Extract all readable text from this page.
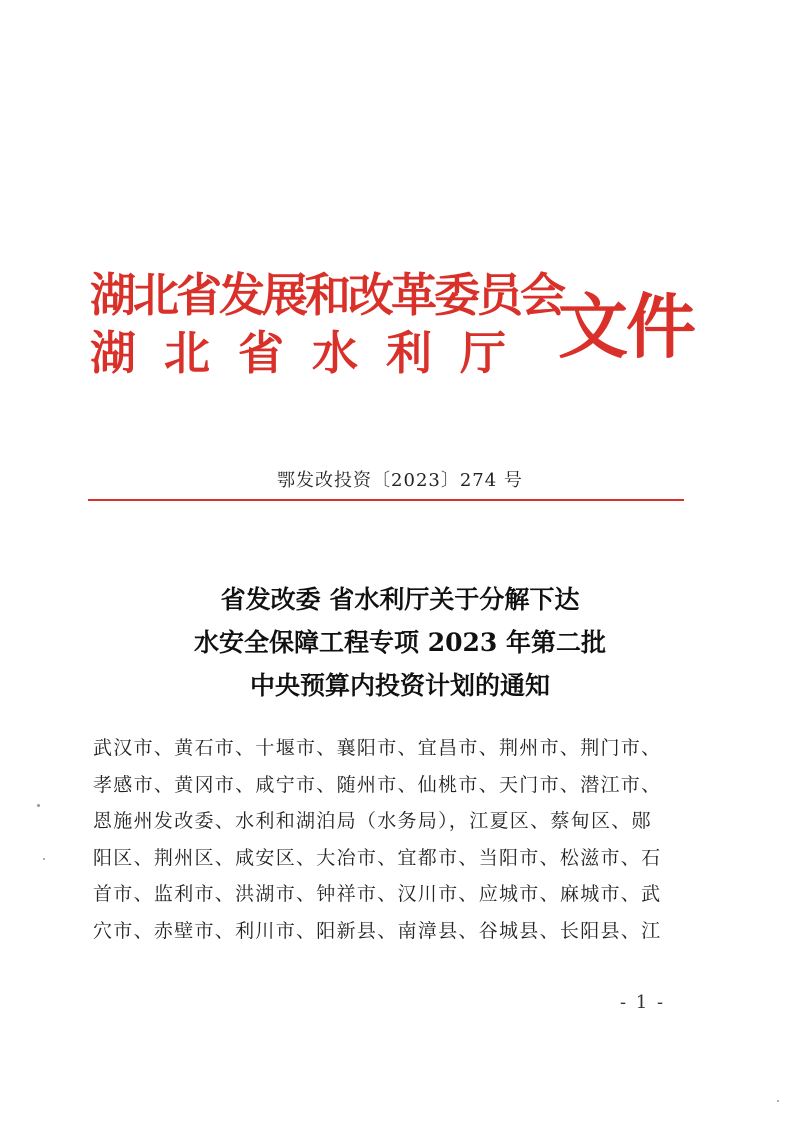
湖北省发展和改革委员会
湖北省水利厅 文件
鄂发改投资〔2023〕274 号
省发改委 省水利厅关于分解下达
水安全保障工程专项 2023 年第二批
中央预算内投资计划的通知
武汉市、黄石市、十堰市、襄阳市、宜昌市、荆州市、荆门市、
孝感市、黄冈市、咸宁市、随州市、仙桃市、天门市、潜江市、
恩施州发改委、水利和湖泊局（水务局），江夏区、蔡甸区、郧
阳区、荆州区、咸安区、大冶市、宜都市、当阳市、松滋市、石
首市、监利市、洪湖市、钟祥市、汉川市、应城市、麻城市、武
穴市、赤壁市、利川市、阳新县、南漳县、谷城县、长阳县、江
- 1 -
